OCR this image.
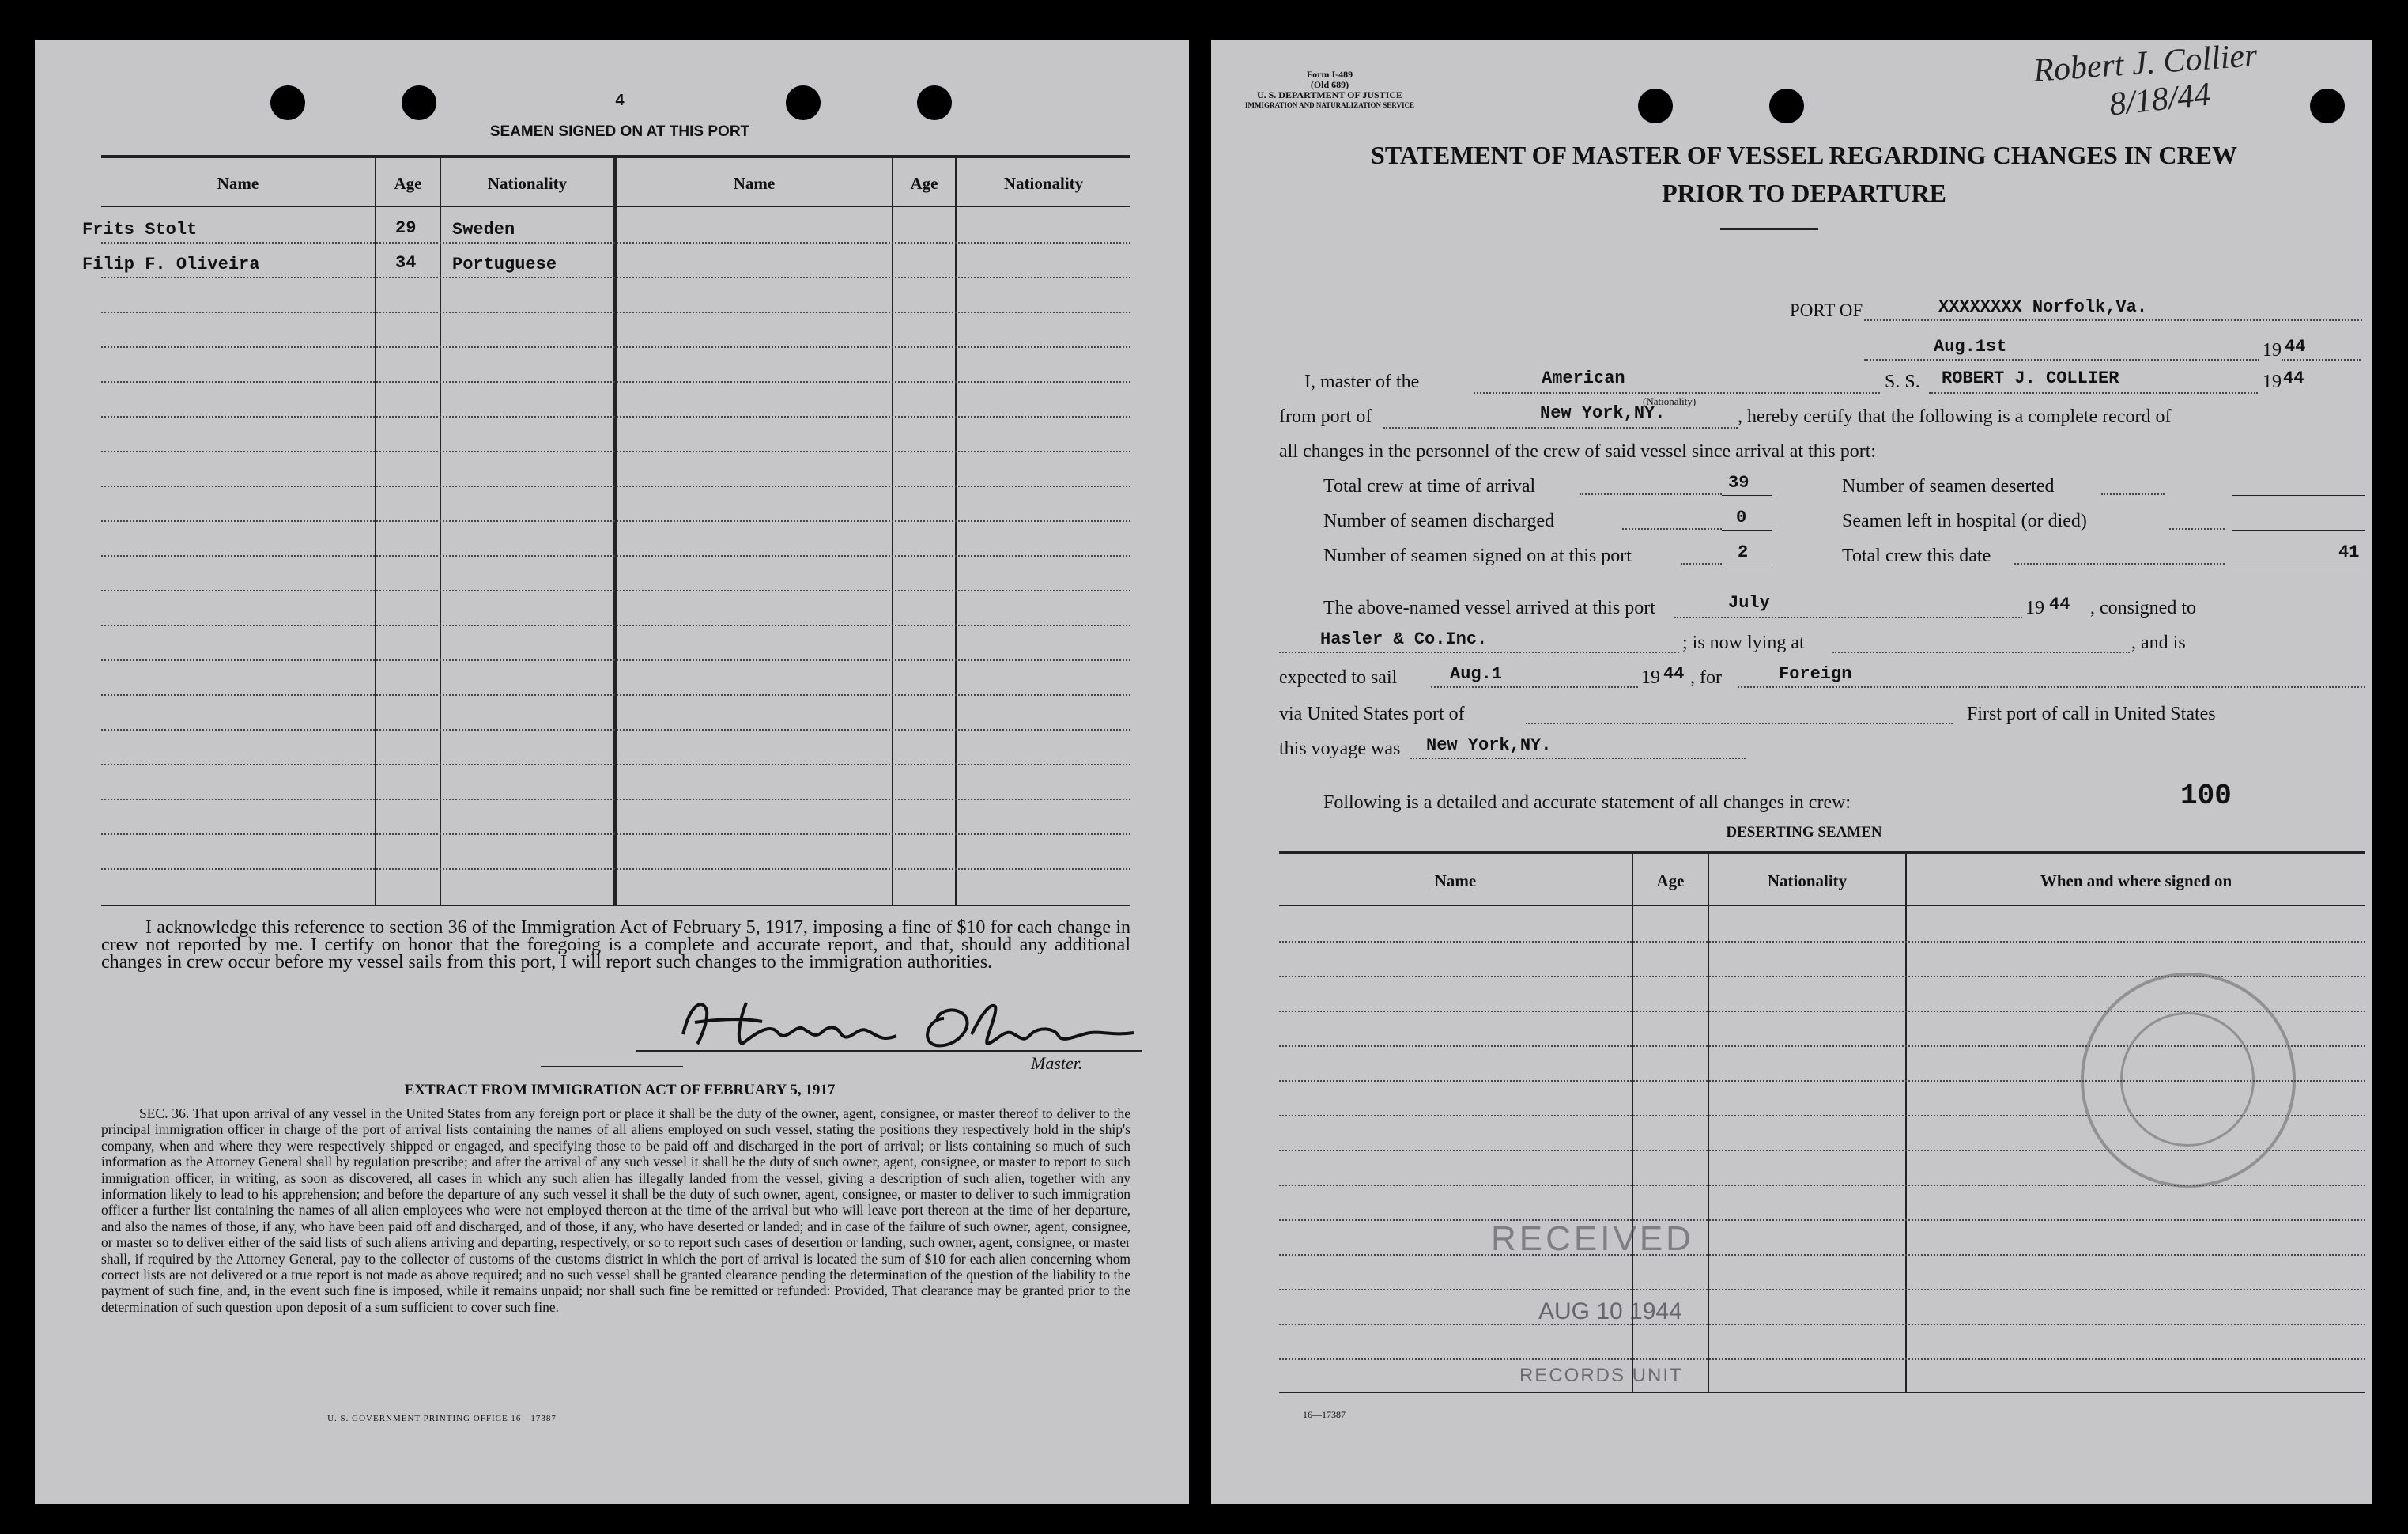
4
SEAMEN SIGNED ON AT THIS PORT
Name	Age	Nationality	Name	Age	Nationality
Frits Stolt	29 Sweden
Filip F. Oliveira	34 Portuguese

I acknowledge this reference to section 36 of the Immigration Act of February 5, 1917, imposing a fine of $10 for each change in crew not reported by me. I certify on honor that the foregoing is a complete and accurate report, and that, should any additional changes in crew occur before my vessel sails from this port, I will report such changes to the immigration authorities.

Master.
EXTRACT FROM IMMIGRATION ACT OF FEBRUARY 5, 1917

SEC. 36. That upon arrival of any vessel in the United States from any foreign port or place it shall be the duty of the owner, agent, consignee, or master thereof to deliver to the principal immigration officer in charge of the port of arrival lists containing the names of all aliens employed on such vessel, stating the positions they respectively hold in the ship's company, when and where they were respectively shipped or engaged, and specifying those to be paid off and discharged in the port of arrival; or lists containing so much of such information as the Attorney General shall by regulation prescribe; and after the arrival of any such vessel it shall be the duty of such owner, agent, consignee, or master to report to such immigration officer, in writing, as soon as discovered, all cases in which any such alien has illegally landed from the vessel, giving a description of such alien, together with any information likely to lead to his apprehension; and before the departure of any such vessel it shall be the duty of such owner, agent, consignee, or master to deliver to such immigration officer a further list containing the names of all alien employees who were not employed thereon at the time of the arrival but who will leave port thereon at the time of her departure, and also the names of those, if any, who have been paid off and discharged, and of those, if any, who have deserted or landed; and in case of the failure of such owner, agent, consignee, or master so to deliver either of the said lists of such aliens arriving and departing, respectively, or so to report such cases of desertion or landing, such owner, agent, consignee, or master shall, if required by the Attorney General, pay to the collector of customs of the customs district in which the port of arrival is located the sum of $10 for each alien concerning whom correct lists are not delivered or a true report is not made as above required; and no such vessel shall be granted clearance pending the determination of the question of the liability to the payment of such fine, and, in the event such fine is imposed, while it remains unpaid; nor shall such fine be remitted or refunded: Provided, That clearance may be granted prior to the determination of such question upon deposit of a sum sufficient to cover such fine.

U. S. GOVERNMENT PRINTING OFFICE 16—17387
Form I-489
(Old 689)
U. S. DEPARTMENT OF JUSTICE
IMMIGRATION AND NATURALIZATION SERVICE
Robert J. Collier
8/18/44
STATEMENT OF MASTER OF VESSEL REGARDING CHANGES IN CREW
PRIOR TO DEPARTURE
PORT OF	XXXXXXXX Norfolk,Va.
Aug.1st	19 44
I, master of the	American
(Nationality)
S. S. ROBERT J. COLLIER	19 44
from port of	New York,NY.	, hereby certify that the following is a complete record of
all changes in the personnel of the crew of said vessel since arrival at this port:
Total crew at time of arrival	39
Number of seamen discharged	0
Number of seamen signed on at this port	2
Number of seamen deserted
Seamen left in hospital (or died)
Total crew this date	41
The above-named vessel arrived at this port	July	19 44 , consigned to
Hasler & Co.Inc.	; is now lying at	, and is
expected to sail	Aug.1	19 44 , for	Foreign
via United States port of	First port of call in United States
this voyage was New York,NY.
Following is a detailed and accurate statement of all changes in crew:	100
DESERTING SEAMEN
Name	Age	Nationality	When and where signed on
RECEIVED
AUG 10 1944
RECORDS UNIT
16—17387
